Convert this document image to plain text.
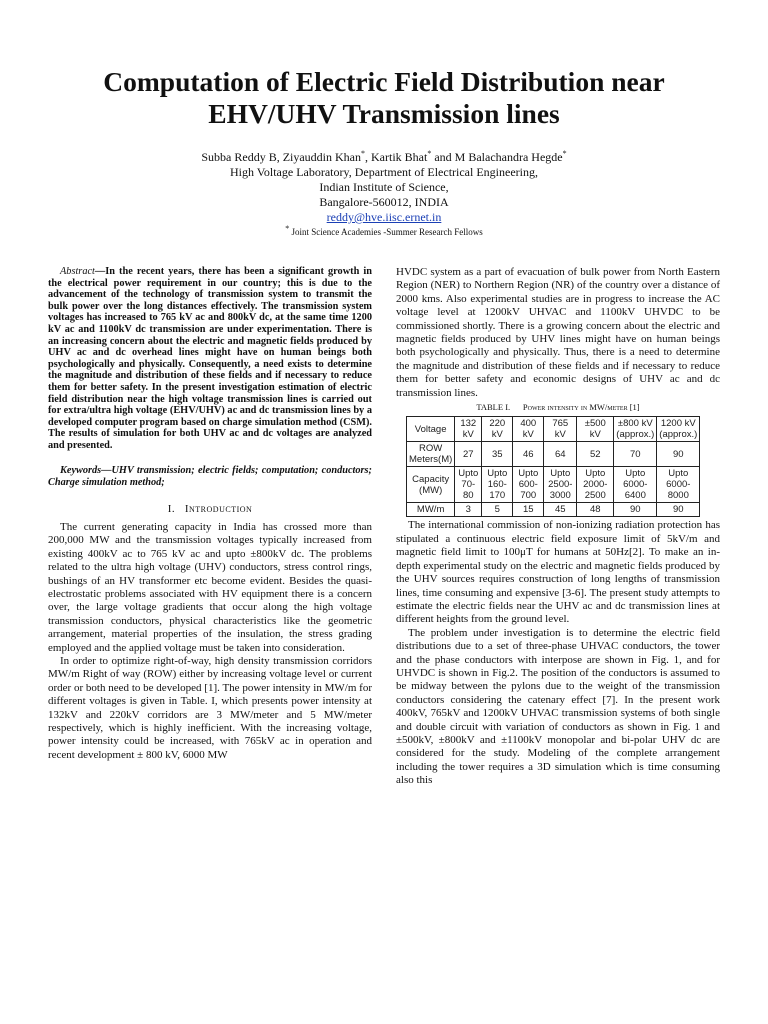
Computation of Electric Field Distribution near
EHV/UHV Transmission lines
Subba Reddy B, Ziyauddin Khan*, Kartik Bhat* and M Balachandra Hegde*
High Voltage Laboratory, Department of Electrical Engineering,
Indian Institute of Science,
Bangalore-560012, INDIA
reddy@hve.iisc.ernet.in
* Joint Science Academies -Summer Research Fellows

Abstract—In the recent years, there has been a significant growth in the electrical power requirement in our country; this is due to the advancement of the technology of transmission system to transmit the bulk power over the long distances effectively. The transmission system voltages has increased to 765 kV ac and 800kV dc, at the same time 1200 kV ac and 1100kV dc transmission are under experimentation. There is an increasing concern about the electric and magnetic fields produced by UHV ac and dc overhead lines might have on human beings both psychologically and physically. Consequently, a need exists to determine the magnitude and distribution of these fields and if necessary to reduce them for better safety. In the present investigation estimation of electric field distribution near the high voltage transmission lines is carried out for extra/ultra high voltage (EHV/UHV) ac and dc transmission lines by a developed computer program based on charge simulation method (CSM). The results of simulation for both UHV ac and dc voltages are analyzed and presented.

Keywords—UHV transmission; electric fields; computation; conductors; Charge simulation method;

I. Introduction

The current generating capacity in India has crossed more than 200,000 MW and the transmission voltages typically increased from existing 400kV ac to 765 kV ac and upto ±800kV dc. The problems related to the ultra high voltage (UHV) conductors, stress control rings, bushings of an HV transformer etc become evident. Besides the quasi-electrostatic problems associated with HV equipment there is a concern over, the large voltage gradients that occur along the high voltage transmission conductors, physical characteristics like the geometric arrangement, material properties of the insulation, the stress grading employed and the applied voltage must be taken into consideration.

In order to optimize right-of-way, high density transmission corridors MW/m Right of way (ROW) either by increasing voltage level or current order or both need to be developed [1]. The power intensity in MW/m for different voltages is given in Table. I, which presents power intensity at 132kV and 220kV corridors are 3 MW/meter and 5 MW/meter respectively, which is highly inefficient. With the increasing voltage, power intensity could be increased, with 765kV ac in operation and recent development ± 800 kV, 6000 MW

HVDC system as a part of evacuation of bulk power from North Eastern Region (NER) to Northern Region (NR) of the country over a distance of 2000 kms. Also experimental studies are in progress to increase the AC voltage level at 1200kV UHVAC and 1100kV UHVDC to be commissioned shortly. There is a growing concern about the electric and magnetic fields produced by UHV lines might have on human beings both psychologically and physically. Thus, there is a need to determine the magnitude and distribution of these fields and if necessary to reduce them for better safety and economic designs of UHV ac and dc transmission lines.

TABLE I. Power intensity in MW/meter [1]

Voltage	132 kV	220 kV	400 kV	765 kV	±500 kV	±800 kV (approx.)	1200 kV (approx.)
ROW Meters(M)	27	35	46	64	52	70	90
Capacity (MW)	Upto 70-80	Upto 160-170	Upto 600-700	Upto 2500-3000	Upto 2000-2500	Upto 6000-6400	Upto 6000-8000
MW/m	3	5	15	45	48	90	90

The international commission of non-ionizing radiation protection has stipulated a continuous electric field exposure limit of 5kV/m and magnetic field limit to 100μT for humans at 50Hz[2]. To make an in-depth experimental study on the electric and magnetic fields produced by the UHV sources requires construction of long lengths of transmission lines, time consuming and expensive [3-6]. The present study attempts to estimate the electric fields near the UHV ac and dc transmission lines at different heights from the ground level.

The problem under investigation is to determine the electric field distributions due to a set of three-phase UHVAC conductors, the tower and the phase conductors with interpose are shown in Fig. 1, and for UHVDC is shown in Fig.2. The position of the conductors is assumed to be midway between the pylons due to the weight of the transmission conductors considering the catenary effect [7]. In the present work 400kV, 765kV and 1200kV UHVAC transmission systems of both single and double circuit with variation of conductors as shown in Fig. 1 and ±500kV, ±800kV and ±1100kV monopolar and bi-polar UHV dc are considered for the study. Modeling of the complete arrangement including the tower requires a 3D simulation which is time consuming also this
